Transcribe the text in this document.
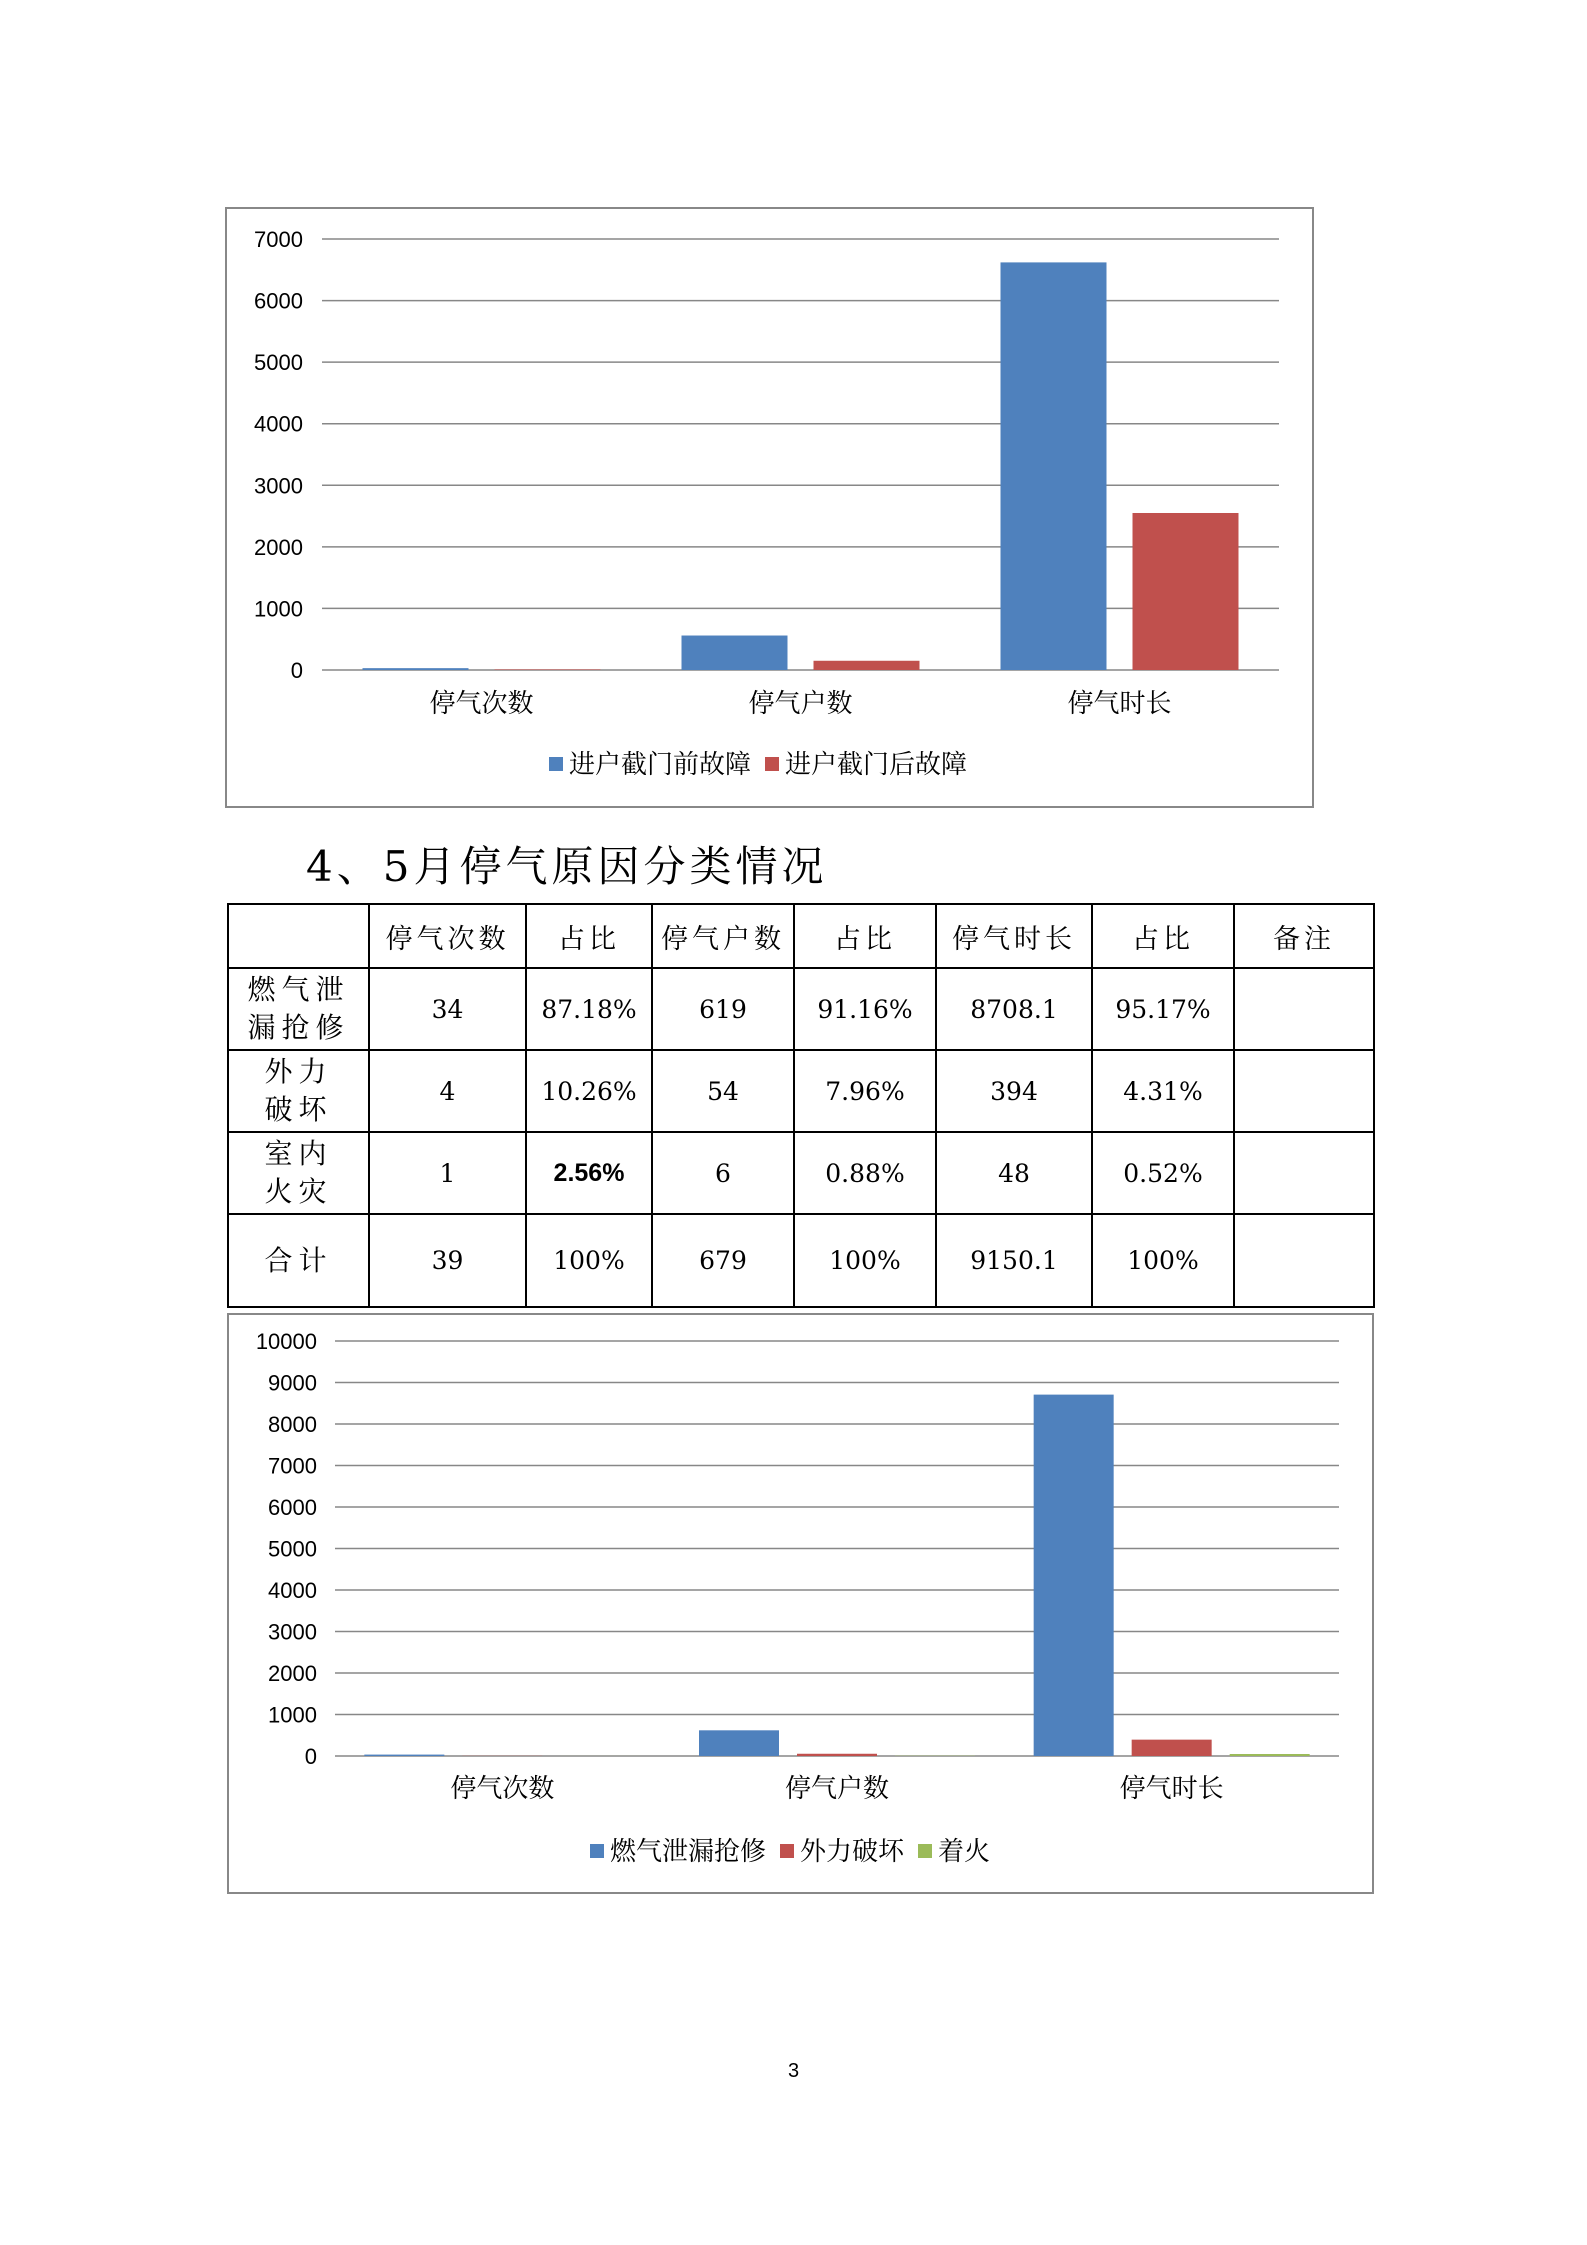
0
1000
2000
3000
4000
5000
6000
7000
停气次数	停气户数	停气时长
进户截门前故障 进户截门后故障
4、5月停气原因分类情况
	停气次数	占比	停气户数	占比	停气时长	占比	备注

燃气泄
漏抢修	34	87.18%	619	91.16%	8708.1	95.17%	

外力
破坏	4	10.26%	54	7.96%	394	4.31%	

室内
火灾	1	2.56%	6	0.88%	48	0.52%	

合计	39	100%	679	100%	9150.1	100%	
0
1000
2000
3000
4000
5000
6000
7000
8000
9000
10000
停气次数	停气户数	停气时长
燃气泄漏抢修 外力破坏 着火

3
